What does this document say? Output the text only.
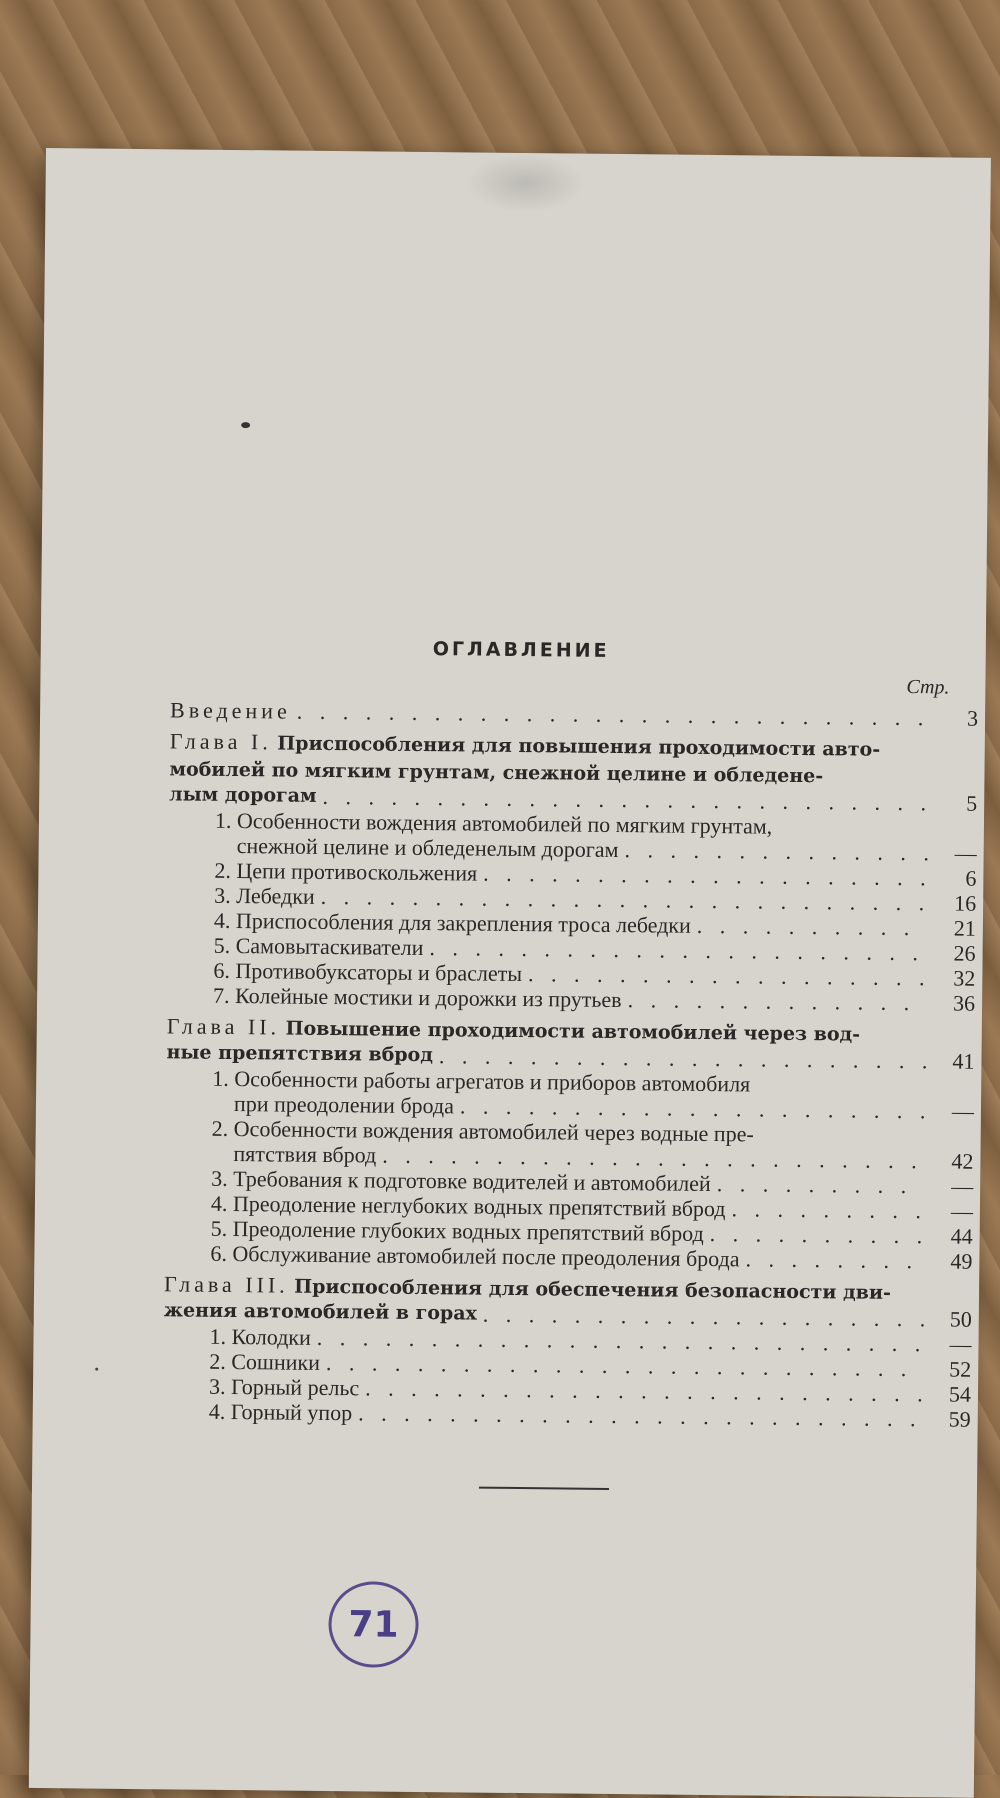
ОГЛАВЛЕНИЕ
Стр.
Введение . . .	3
Глава I. Приспособления для повышения проходимости авто-
мобилей по мягким грунтам, снежной целине и обледене-
лым дорогам . . .	5
1. Особенности вождения автомобилей по мягким грунтам,
снежной целине и обледенелым дорогам . . .	—
2. Цепи противоскольжения . . .	6
3. Лебедки . . .	16
4. Приспособления для закрепления троса лебедки . . .	21
5. Самовытаскиватели . . .	26
6. Противобуксаторы и браслеты . . .	32
7. Колейные мостики и дорожки из прутьев . . .	36
Глава II. Повышение проходимости автомобилей через вод-
ные препятствия вброд . . .	41
1. Особенности работы агрегатов и приборов автомобиля
при преодолении брода . . .	—
2. Особенности вождения автомобилей через водные пре-
пятствия вброд . . .	42
3. Требования к подготовке водителей и автомобилей . . .	—
4. Преодоление неглубоких водных препятствий вброд . . .	—
5. Преодоление глубоких водных препятствий вброд . . .	44
6. Обслуживание автомобилей после преодоления брода . . .	49
Глава III. Приспособления для обеспечения безопасности дви-
жения автомобилей в горах . . .	50
1. Колодки . . .	—
2. Сошники . . .	52
3. Горный рельс . . .	54
4. Горный упор . . .	59
71
